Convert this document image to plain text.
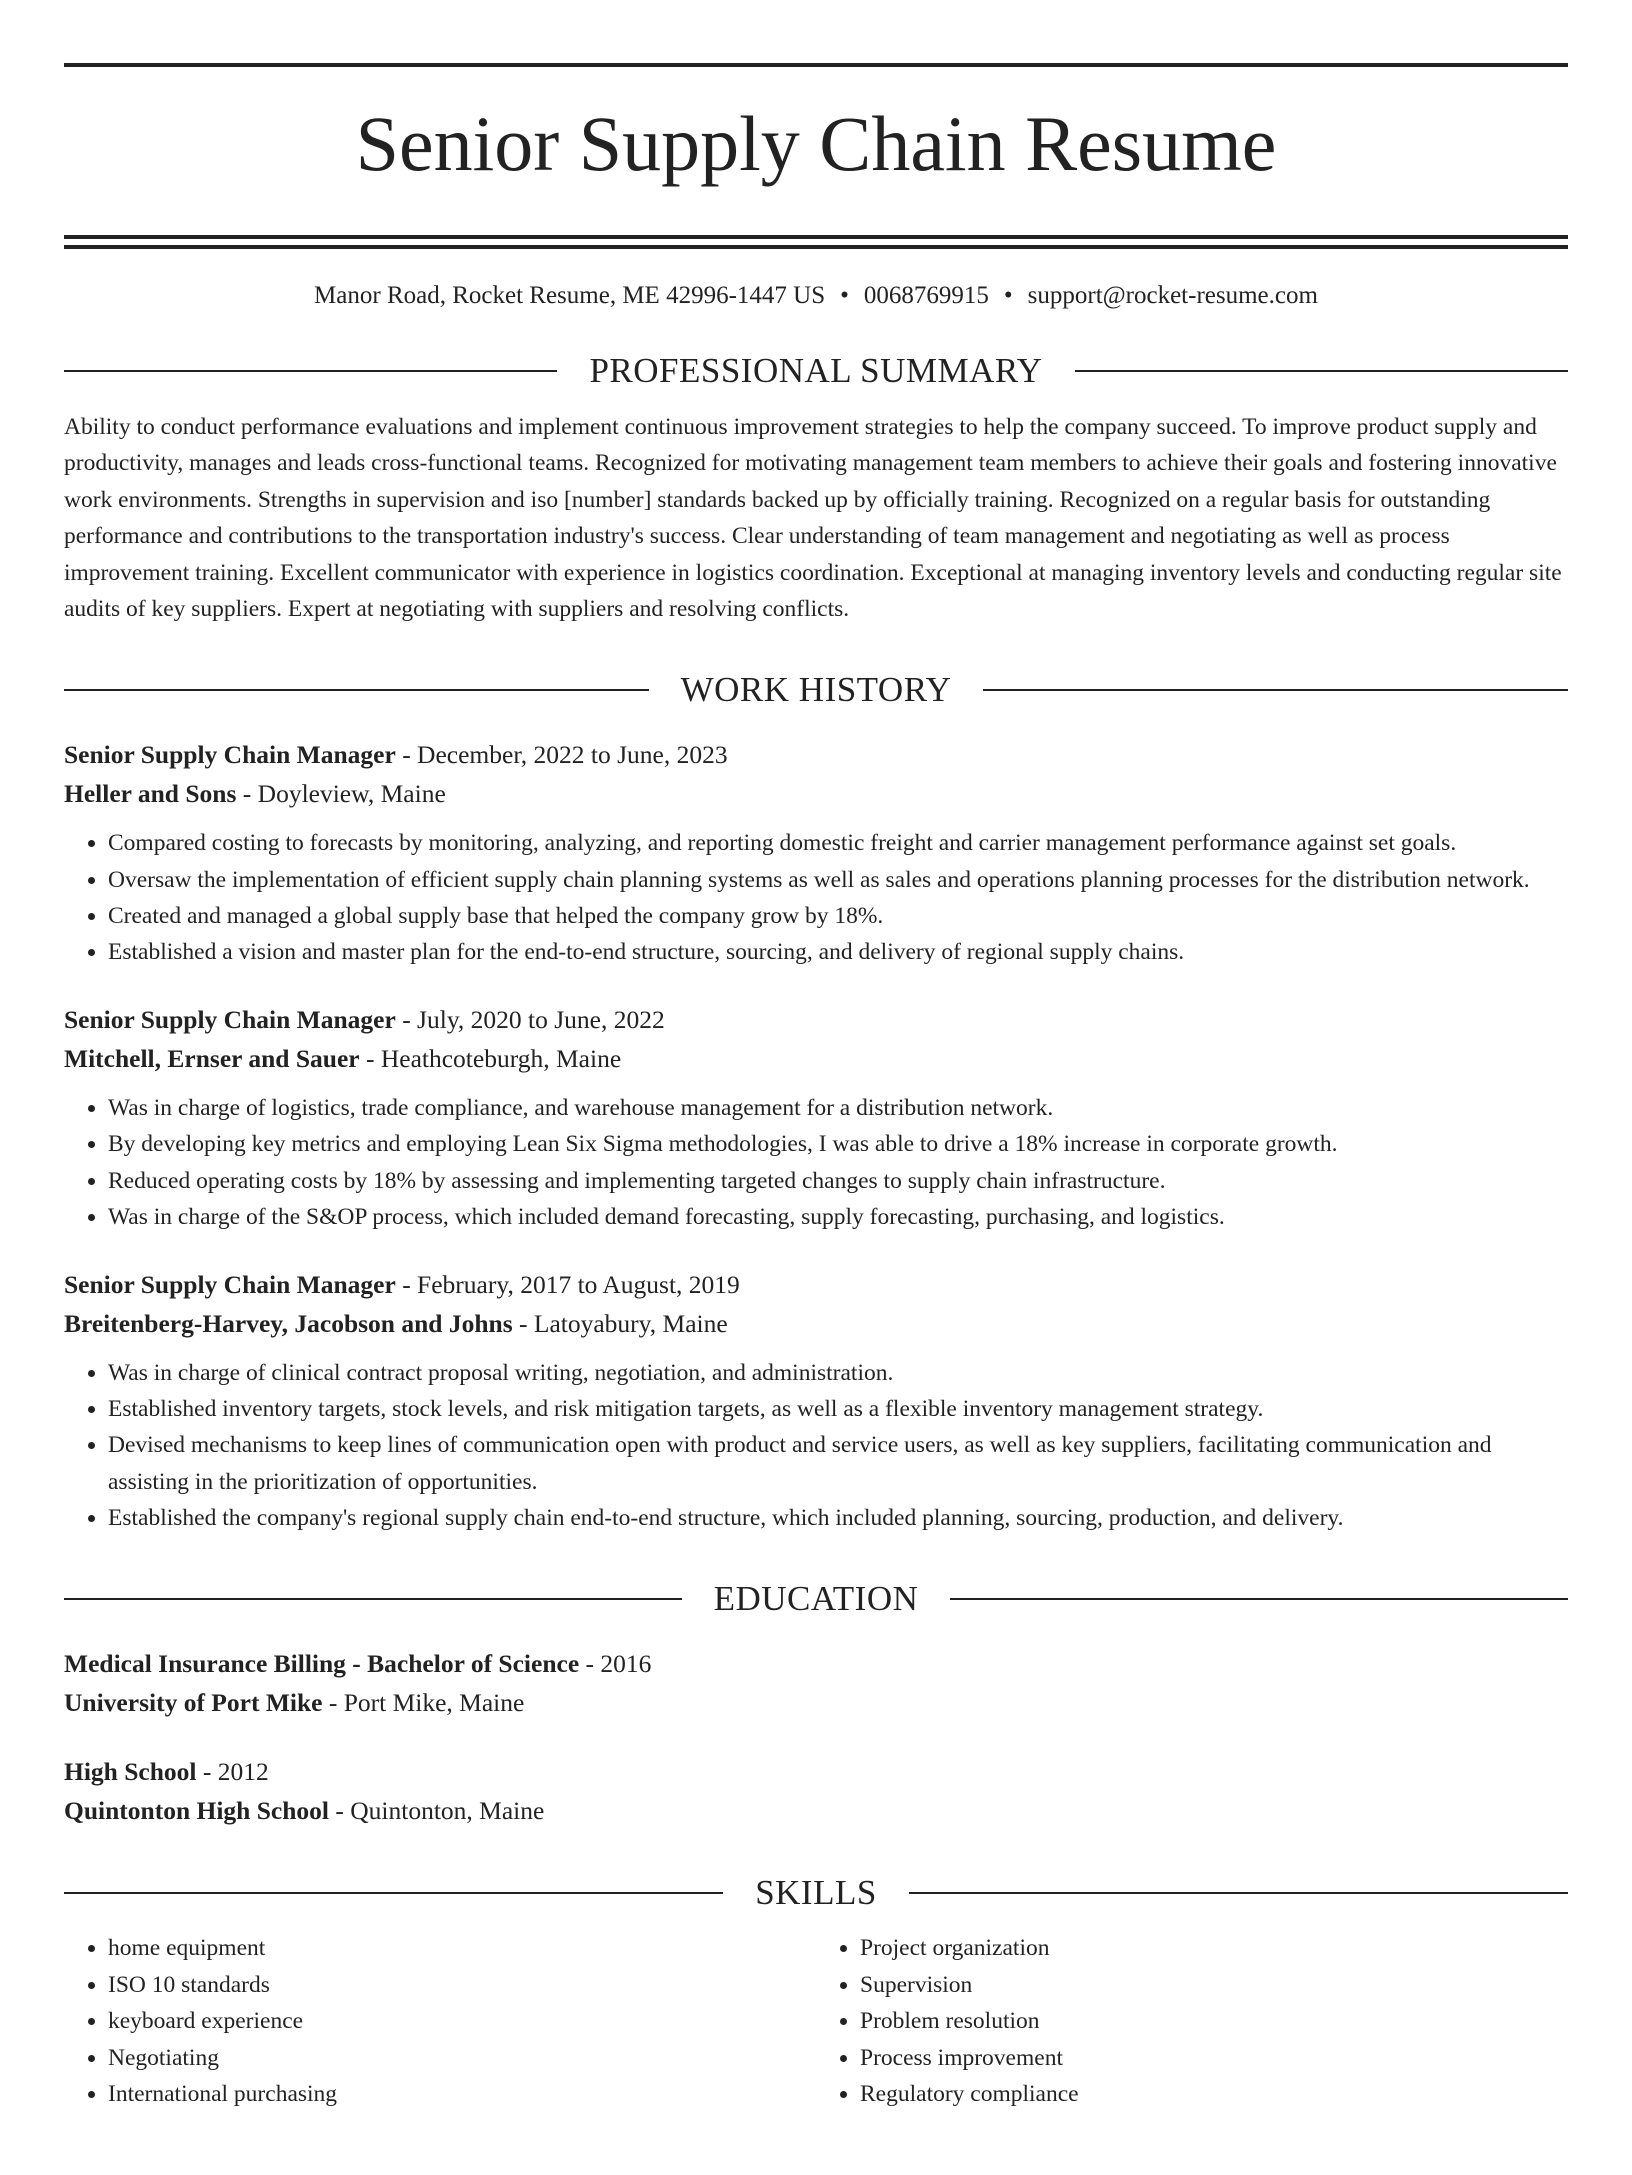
Senior Supply Chain Resume
Manor Road, Rocket Resume, ME 42996-1447 US • 0068769915 • support@rocket-resume.com
PROFESSIONAL SUMMARY
Ability to conduct performance evaluations and implement continuous improvement strategies to help the company succeed. To improve product supply and productivity, manages and leads cross-functional teams. Recognized for motivating management team members to achieve their goals and fostering innovative work environments. Strengths in supervision and iso [number] standards backed up by officially training. Recognized on a regular basis for outstanding performance and contributions to the transportation industry's success. Clear understanding of team management and negotiating as well as process improvement training. Excellent communicator with experience in logistics coordination. Exceptional at managing inventory levels and conducting regular site audits of key suppliers. Expert at negotiating with suppliers and resolving conflicts.
WORK HISTORY
Senior Supply Chain Manager - December, 2022 to June, 2023
Heller and Sons - Doyleview, Maine
• Compared costing to forecasts by monitoring, analyzing, and reporting domestic freight and carrier management performance against set goals.
• Oversaw the implementation of efficient supply chain planning systems as well as sales and operations planning processes for the distribution network.
• Created and managed a global supply base that helped the company grow by 18%.
• Established a vision and master plan for the end-to-end structure, sourcing, and delivery of regional supply chains.
Senior Supply Chain Manager - July, 2020 to June, 2022
Mitchell, Ernser and Sauer - Heathcoteburgh, Maine
• Was in charge of logistics, trade compliance, and warehouse management for a distribution network.
• By developing key metrics and employing Lean Six Sigma methodologies, I was able to drive a 18% increase in corporate growth.
• Reduced operating costs by 18% by assessing and implementing targeted changes to supply chain infrastructure.
• Was in charge of the S&OP process, which included demand forecasting, supply forecasting, purchasing, and logistics.
Senior Supply Chain Manager - February, 2017 to August, 2019
Breitenberg-Harvey, Jacobson and Johns - Latoyabury, Maine
• Was in charge of clinical contract proposal writing, negotiation, and administration.
• Established inventory targets, stock levels, and risk mitigation targets, as well as a flexible inventory management strategy.
• Devised mechanisms to keep lines of communication open with product and service users, as well as key suppliers, facilitating communication and assisting in the prioritization of opportunities.
• Established the company's regional supply chain end-to-end structure, which included planning, sourcing, production, and delivery.
EDUCATION
Medical Insurance Billing - Bachelor of Science - 2016
University of Port Mike - Port Mike, Maine
High School - 2012
Quintonton High School - Quintonton, Maine
SKILLS
• home equipment
• ISO 10 standards
• keyboard experience
• Negotiating
• International purchasing
• Project organization
• Supervision
• Problem resolution
• Process improvement
• Regulatory compliance
